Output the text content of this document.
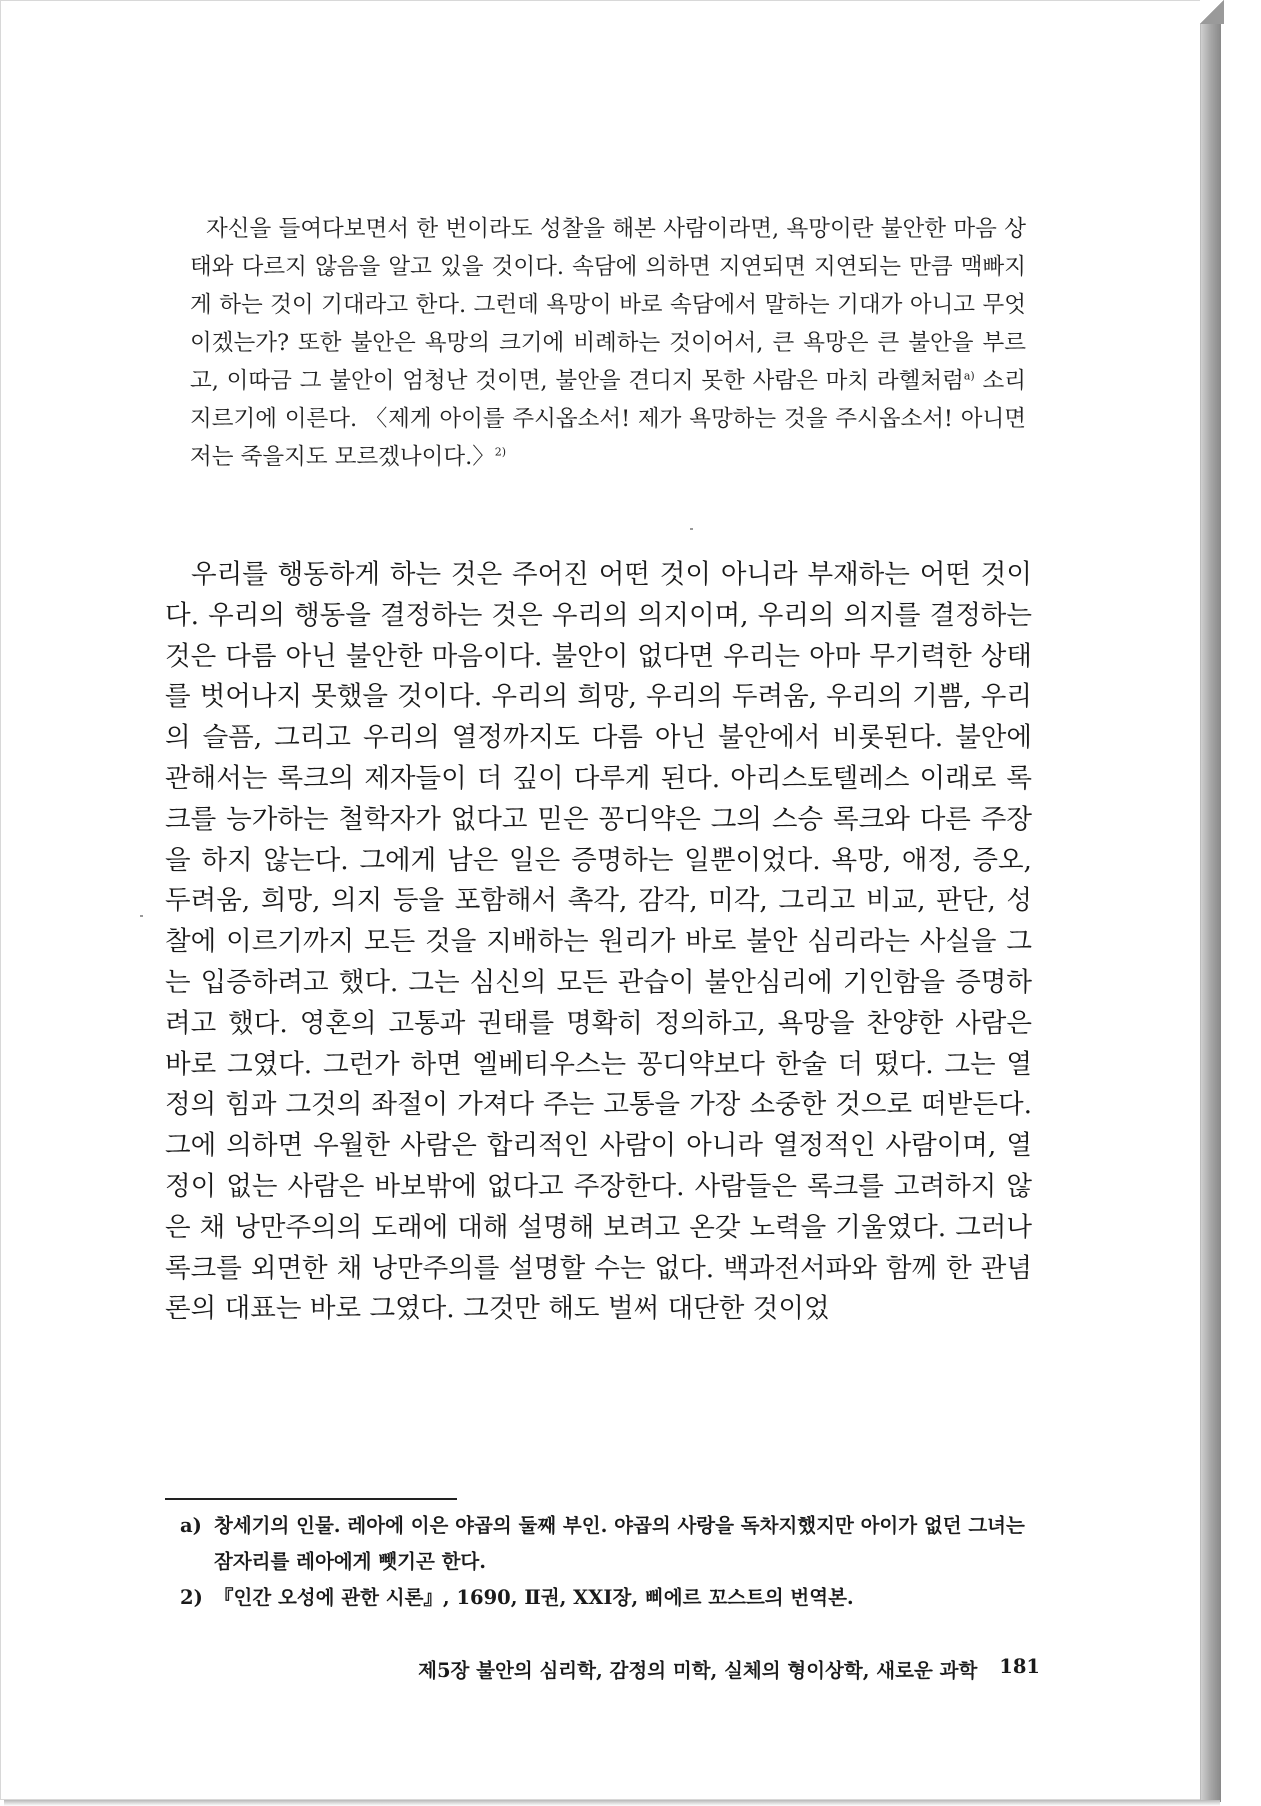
자신을 들여다보면서 한 번이라도 성찰을 해본 사람이라면, 욕망이란 불안한 마음 상태와 다르지 않음을 알고 있을 것이다. 속담에 의하면 지연되면 지연되는 만큼 맥빠지게 하는 것이 기대라고 한다. 그런데 욕망이 바로 속담에서 말하는 기대가 아니고 무엇이겠는가? 또한 불안은 욕망의 크기에 비례하는 것이어서, 큰 욕망은 큰 불안을 부르고, 이따금 그 불안이 엄청난 것이면, 불안을 견디지 못한 사람은 마치 라헬처럼$^{a)}$ 소리지르기에 이른다. 〈제게 아이를 주시옵소서! 제가 욕망하는 것을 주시옵소서! 아니면 저는 죽을지도 모르겠나이다.〉$^{2)}$

우리를 행동하게 하는 것은 주어진 어떤 것이 아니라 부재하는 어떤 것이다. 우리의 행동을 결정하는 것은 우리의 의지이며, 우리의 의지를 결정하는 것은 다름 아닌 불안한 마음이다. 불안이 없다면 우리는 아마 무기력한 상태를 벗어나지 못했을 것이다. 우리의 희망, 우리의 두려움, 우리의 기쁨, 우리의 슬픔, 그리고 우리의 열정까지도 다름 아닌 불안에서 비롯된다. 불안에 관해서는 록크의 제자들이 더 깊이 다루게 된다. 아리스토텔레스 이래로 록크를 능가하는 철학자가 없다고 믿은 꽁디약은 그의 스승 록크와 다른 주장을 하지 않는다. 그에게 남은 일은 증명하는 일뿐이었다. 욕망, 애정, 증오, 두려움, 희망, 의지 등을 포함해서 촉각, 감각, 미각, 그리고 비교, 판단, 성찰에 이르기까지 모든 것을 지배하는 원리가 바로 불안 심리라는 사실을 그는 입증하려고 했다. 그는 심신의 모든 관습이 불안심리에 기인함을 증명하려고 했다. 영혼의 고통과 권태를 명확히 정의하고, 욕망을 찬양한 사람은 바로 그였다. 그런가 하면 엘베티우스는 꽁디약보다 한술 더 떴다. 그는 열정의 힘과 그것의 좌절이 가져다 주는 고통을 가장 소중한 것으로 떠받든다. 그에 의하면 우월한 사람은 합리적인 사람이 아니라 열정적인 사람이며, 열정이 없는 사람은 바보밖에 없다고 주장한다. 사람들은 록크를 고려하지 않은 채 낭만주의의 도래에 대해 설명해 보려고 온갖 노력을 기울였다. 그러나 록크를 외면한 채 낭만주의를 설명할 수는 없다. 백과전서파와 함께 한 관념론의 대표는 바로 그였다. 그것만 해도 벌써 대단한 것이었

a) 창세기의 인물. 레아에 이은 야곱의 둘째 부인. 야곱의 사랑을 독차지했지만 아이가 없던 그녀는 잠자리를 레아에게 뺏기곤 한다.
2) 『인간 오성에 관한 시론』, 1690, Ⅱ권, XXI장, 삐에르 꼬스트의 번역본.
제5장 불안의 심리학, 감정의 미학, 실체의 형이상학, 새로운 과학 181
